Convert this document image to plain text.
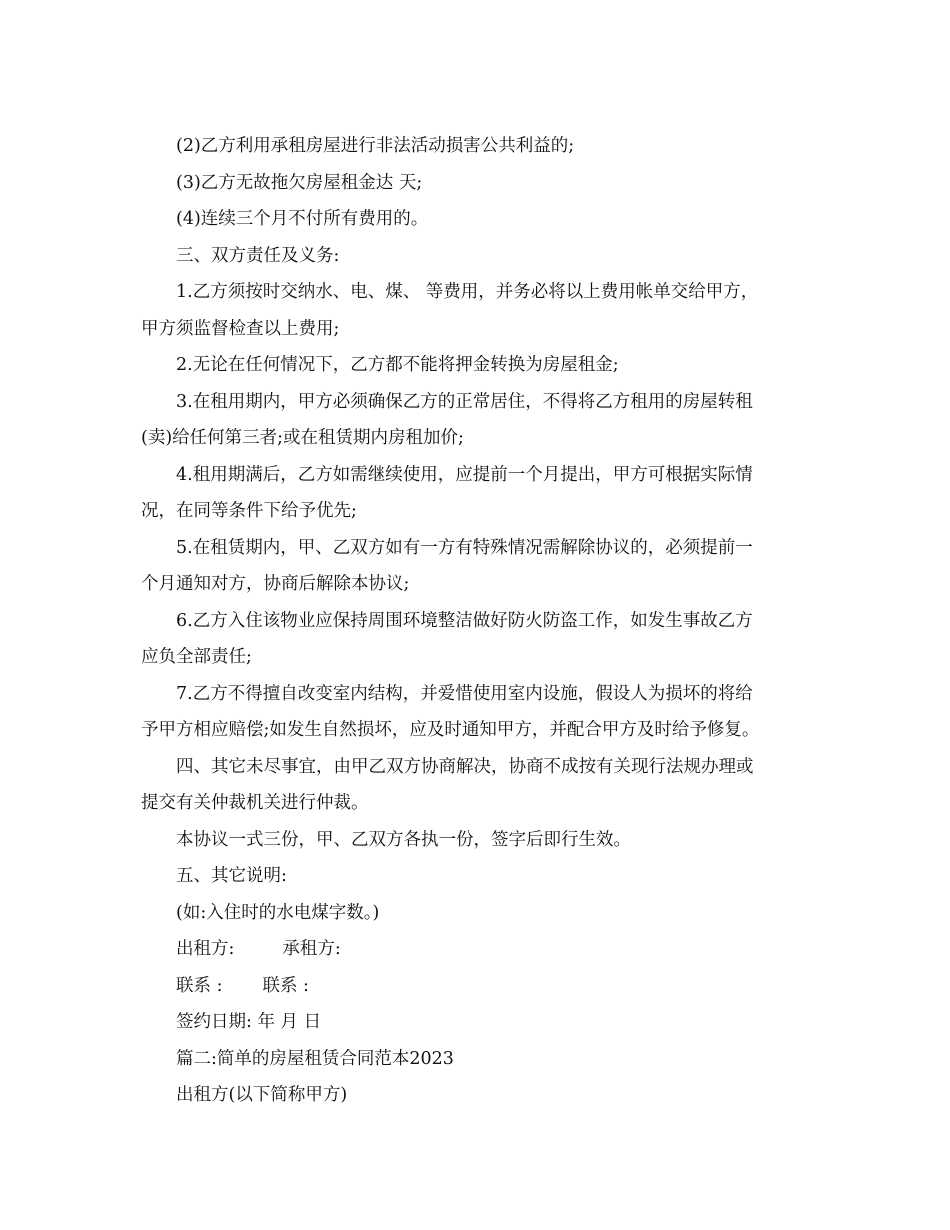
(2)乙方利用承租房屋进行非法活动损害公共利益的;

(3)乙方无故拖欠房屋租金达 天;

(4)连续三个月不付所有费用的。

三、双方责任及义务:

1.乙方须按时交纳水、电、煤、 等费用，并务必将以上费用帐单交给甲方，

甲方须监督检查以上费用;

2.无论在任何情况下，乙方都不能将押金转换为房屋租金;

3.在租用期内，甲方必须确保乙方的正常居住，不得将乙方租用的房屋转租

(卖)给任何第三者;或在租赁期内房租加价;

4.租用期满后，乙方如需继续使用，应提前一个月提出，甲方可根据实际情

况，在同等条件下给予优先;

5.在租赁期内，甲、乙双方如有一方有特殊情况需解除协议的，必须提前一

个月通知对方，协商后解除本协议;

6.乙方入住该物业应保持周围环境整洁做好防火防盗工作，如发生事故乙方

应负全部责任;

7.乙方不得擅自改变室内结构，并爱惜使用室内设施，假设人为损坏的将给

予甲方相应赔偿;如发生自然损坏，应及时通知甲方，并配合甲方及时给予修复。

四、其它未尽事宜，由甲乙双方协商解决，协商不成按有关现行法规办理或

提交有关仲裁机关进行仲裁。

本协议一式三份，甲、乙双方各执一份，签字后即行生效。

五、其它说明:

(如:入住时的水电煤字数。)

出租方:	承租方:

联系 : 联系 :

签约日期: 年 月 日

篇二:简单的房屋租赁合同范本2023

出租方(以下简称甲方)
